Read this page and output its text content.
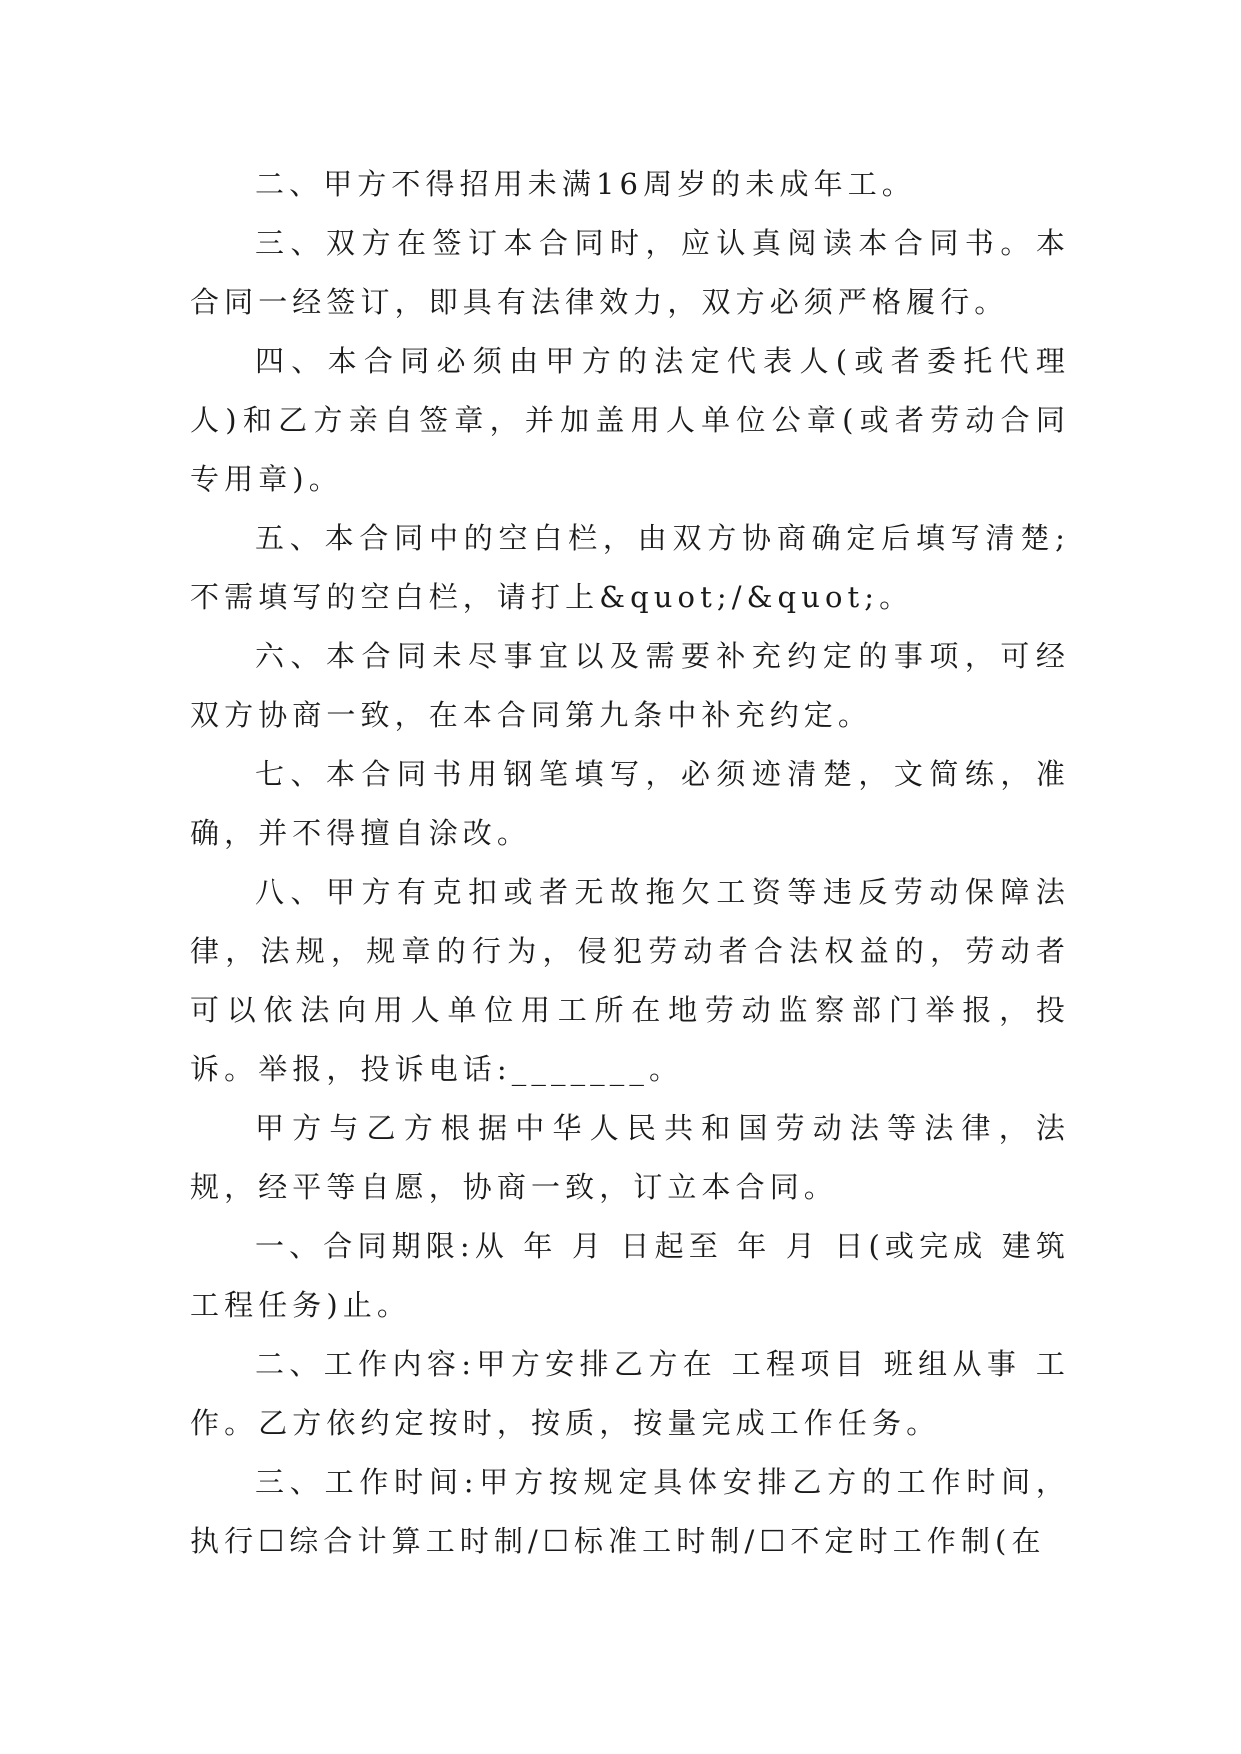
二、甲方不得招用未满16周岁的未成年工。

三、双方在签订本合同时，应认真阅读本合同书。本合同一经签订，即具有法律效力，双方必须严格履行。

四、本合同必须由甲方的法定代表人(或者委托代理人)和乙方亲自签章，并加盖用人单位公章(或者劳动合同专用章)。

五、本合同中的空白栏，由双方协商确定后填写清楚;不需填写的空白栏，请打上&quot;/&quot;。

六、本合同未尽事宜以及需要补充约定的事项，可经双方协商一致，在本合同第九条中补充约定。

七、本合同书用钢笔填写，必须迹清楚，文简练，准确，并不得擅自涂改。

八、甲方有克扣或者无故拖欠工资等违反劳动保障法律，法规，规章的行为，侵犯劳动者合法权益的，劳动者可以依法向用人单位用工所在地劳动监察部门举报，投诉。举报，投诉电话:_______。

甲方与乙方根据中华人民共和国劳动法等法律，法规，经平等自愿，协商一致，订立本合同。

一、合同期限:从 年 月 日起至 年 月 日(或完成 建筑工程任务)止。

二、工作内容:甲方安排乙方在 工程项目 班组从事 工作。乙方依约定按时，按质，按量完成工作任务。

三、工作时间:甲方按规定具体安排乙方的工作时间，执行☐综合计算工时制/☐标准工时制/☐不定时工作制(在
